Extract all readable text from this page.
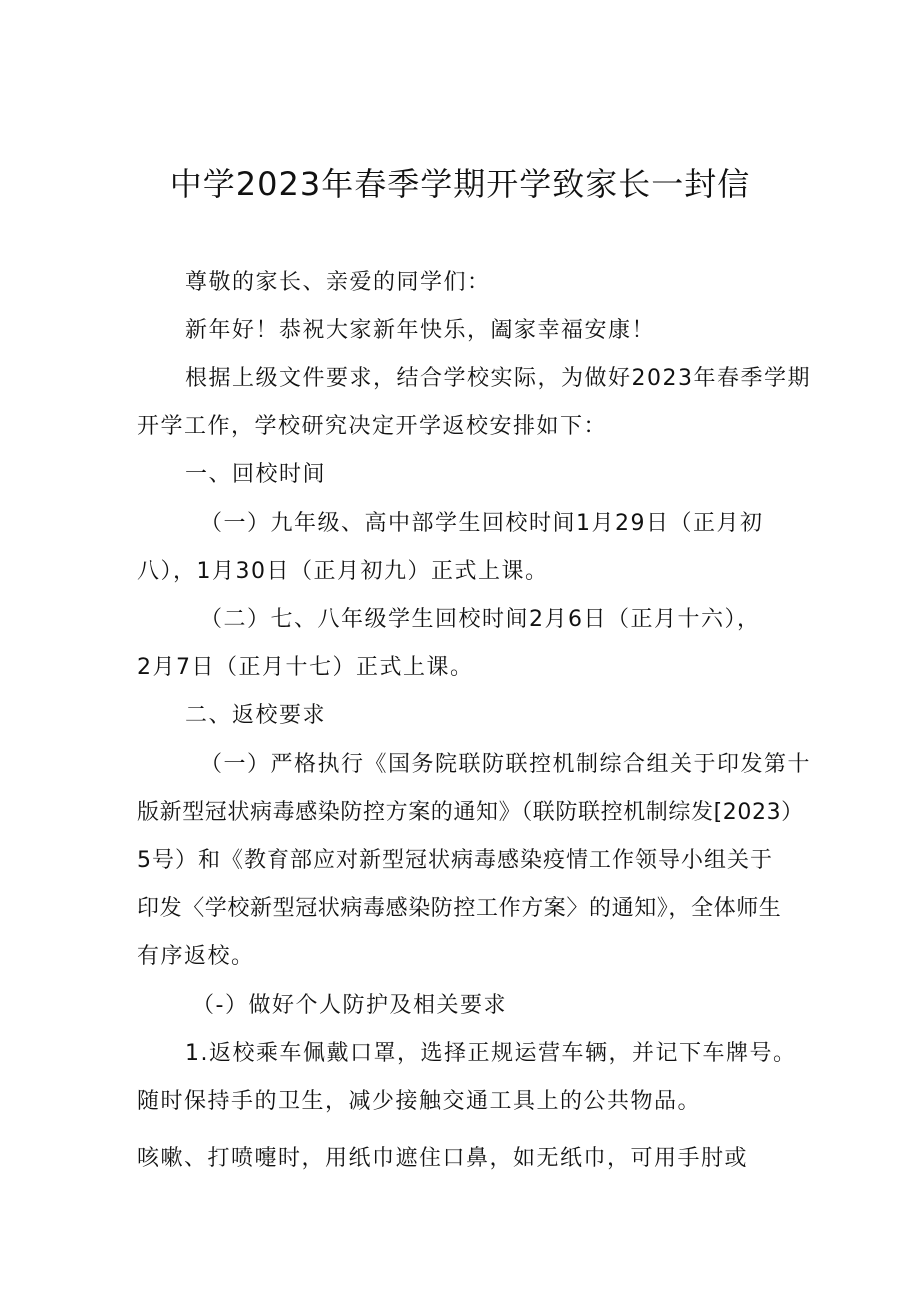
中学2023年春季学期开学致家长一封信
尊敬的家长、亲爱的同学们：
新年好！恭祝大家新年快乐，阖家幸福安康！
根据上级文件要求，结合学校实际，为做好2023年春季学期
开学工作，学校研究决定开学返校安排如下：
一、回校时间
（一）九年级、高中部学生回校时间1月29日（正月初
八），1月30日（正月初九）正式上课。
（二）七、八年级学生回校时间2月6日（正月十六），
2月7日（正月十七）正式上课。
二、返校要求
（一）严格执行《国务院联防联控机制综合组关于印发第十
版新型冠状病毒感染防控方案的通知》（联防联控机制综发[2023）
5号）和《教育部应对新型冠状病毒感染疫情工作领导小组关于
印发〈学校新型冠状病毒感染防控工作方案〉的通知》，全体师生
有序返校。
（-）做好个人防护及相关要求
1.返校乘车佩戴口罩，选择正规运营车辆，并记下车牌号。
随时保持手的卫生，减少接触交通工具上的公共物品。
咳嗽、打喷嚏时，用纸巾遮住口鼻，如无纸巾，可用手肘或
